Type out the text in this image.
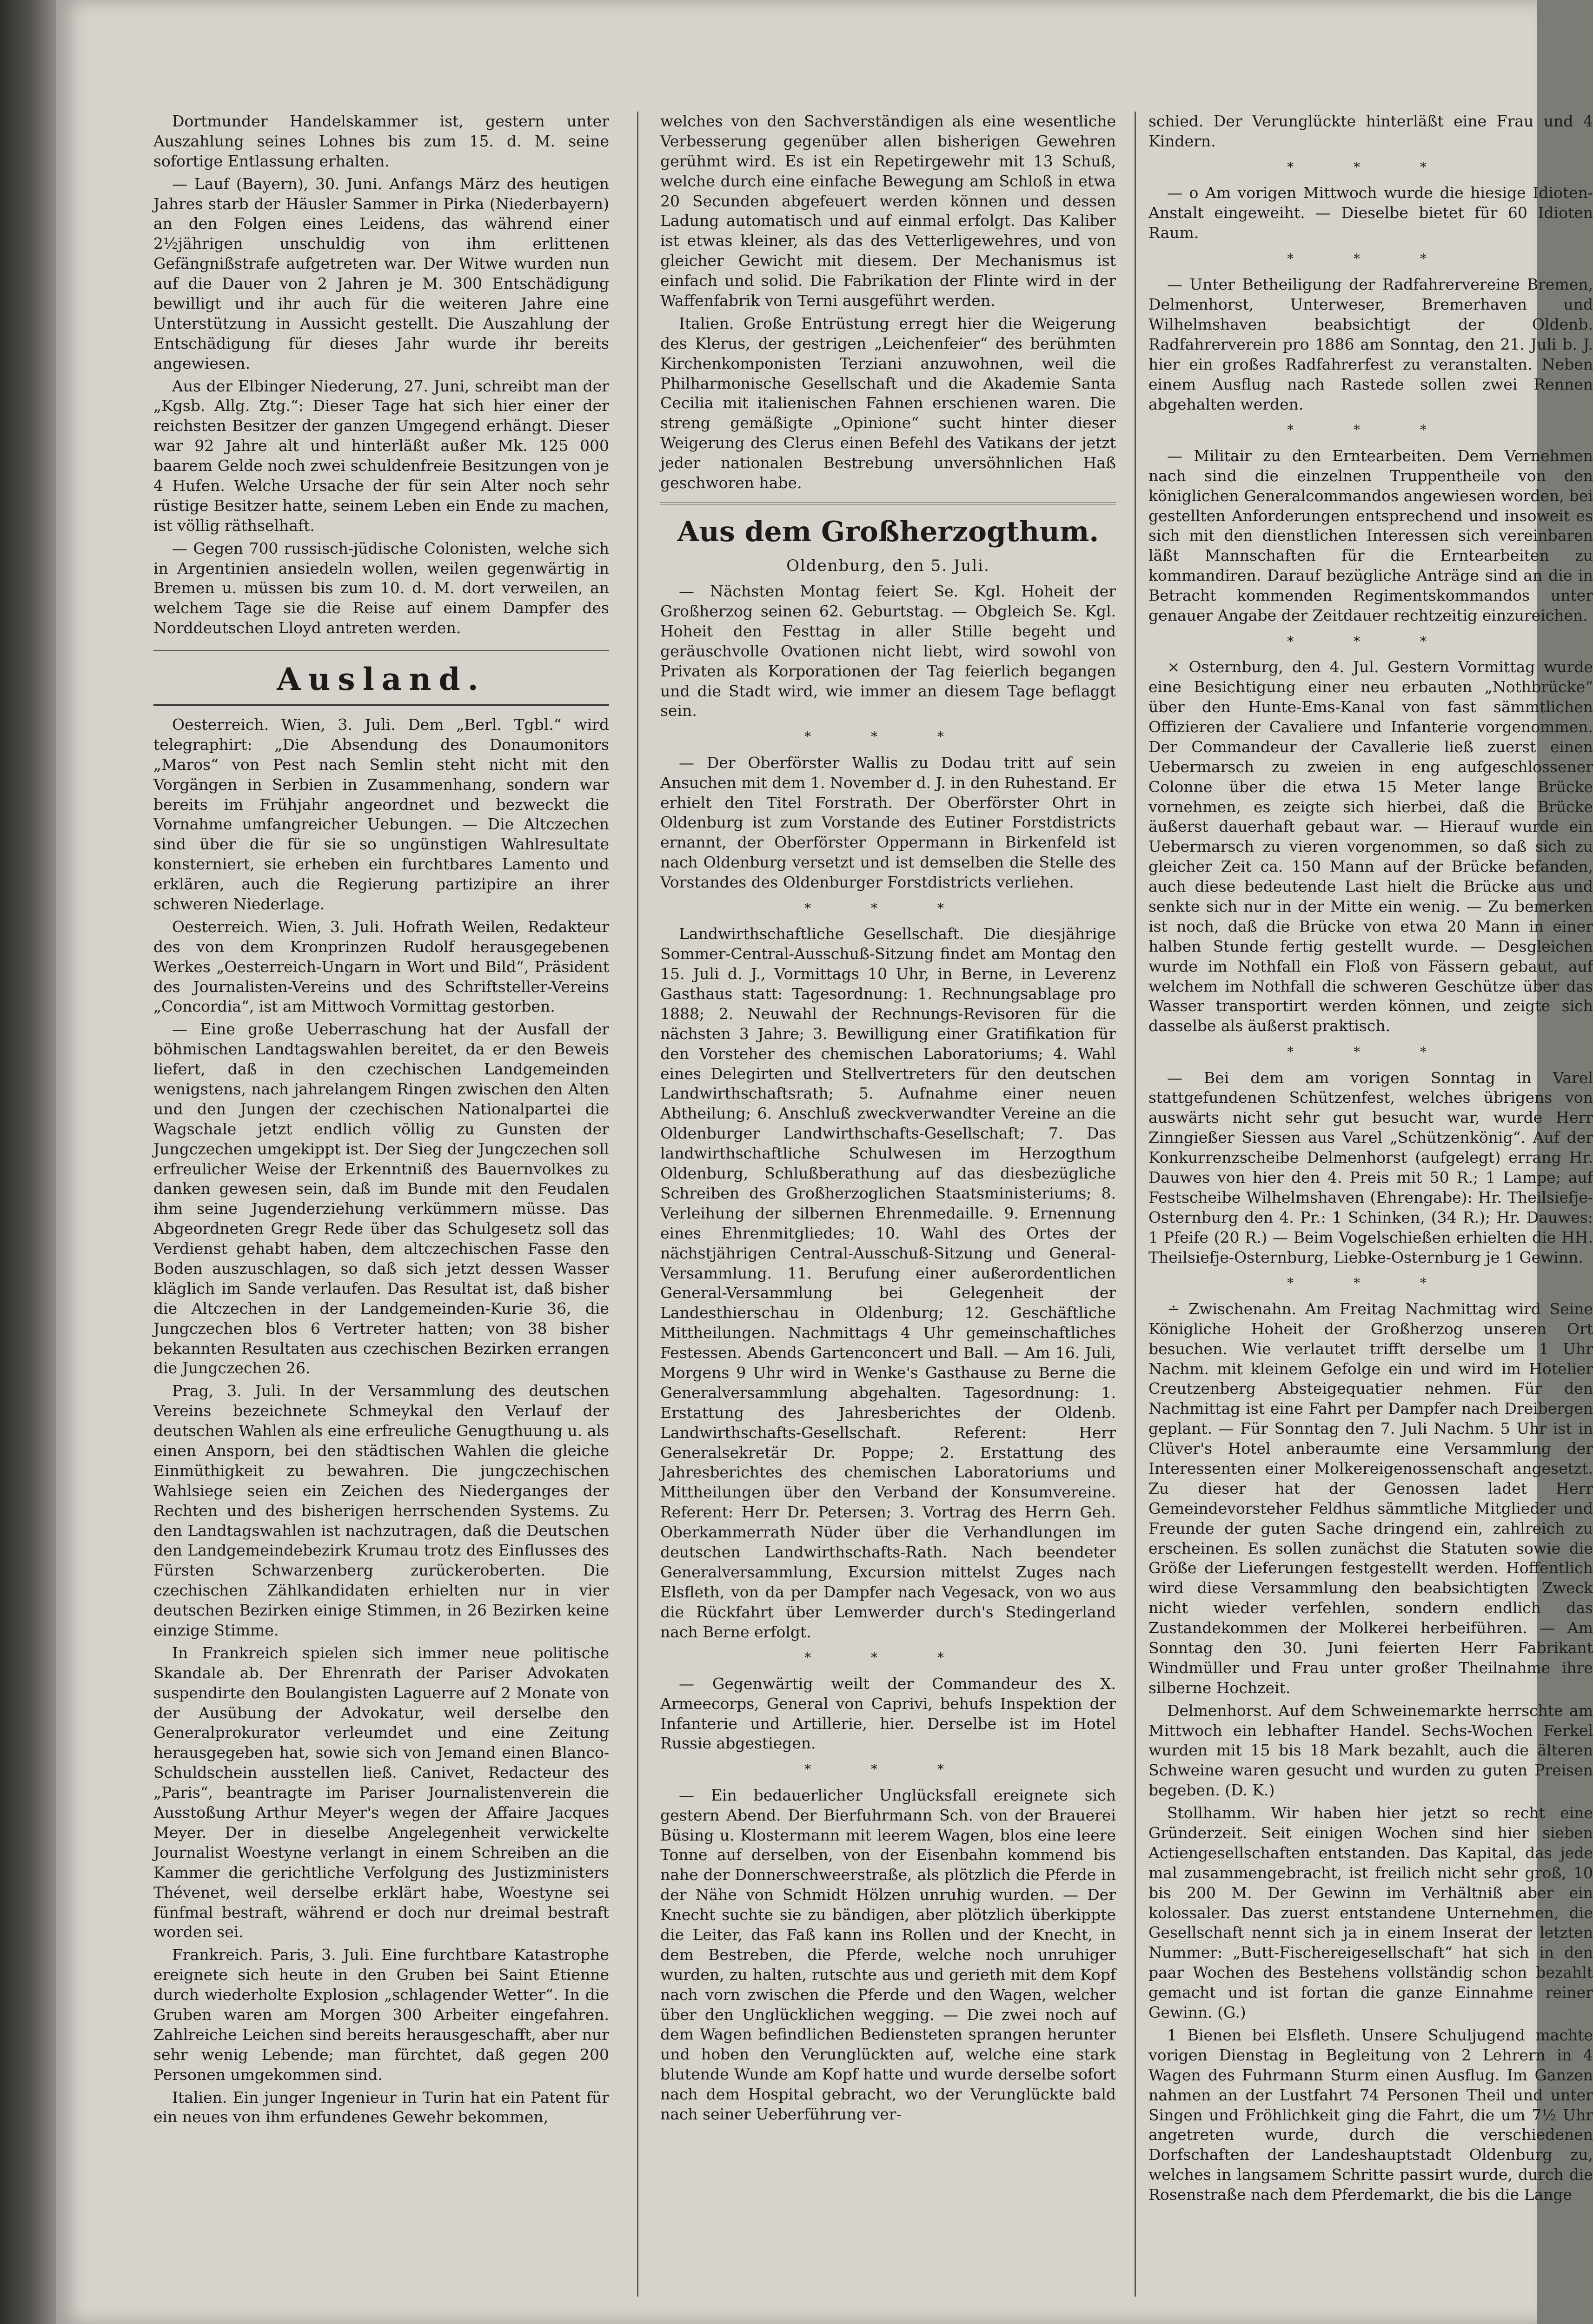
Dortmunder Handelskammer ist, gestern unter Auszahlung seines Lohnes bis zum 15. d. M. seine sofortige Entlassung erhalten.

— Lauf (Bayern), 30. Juni. Anfangs März des heutigen Jahres starb der Häusler Sammer in Pirka (Niederbayern) an den Folgen eines Leidens, das während einer 2½jährigen unschuldig von ihm erlittenen Gefängnißstrafe aufgetreten war. Der Witwe wurden nun auf die Dauer von 2 Jahren je M. 300 Entschädigung bewilligt und ihr auch für die weiteren Jahre eine Unterstützung in Aussicht gestellt. Die Auszahlung der Entschädigung für dieses Jahr wurde ihr bereits angewiesen.

Aus der Elbinger Niederung, 27. Juni, schreibt man der „Kgsb. Allg. Ztg.“: Dieser Tage hat sich hier einer der reichsten Besitzer der ganzen Umgegend erhängt. Dieser war 92 Jahre alt und hinterläßt außer Mk. 125 000 baarem Gelde noch zwei schuldenfreie Besitzungen von je 4 Hufen. Welche Ursache der für sein Alter noch sehr rüstige Besitzer hatte, seinem Leben ein Ende zu machen, ist völlig räthselhaft.

— Gegen 700 russisch-jüdische Colonisten, welche sich in Argentinien ansiedeln wollen, weilen gegenwärtig in Bremen u. müssen bis zum 10. d. M. dort verweilen, an welchem Tage sie die Reise auf einem Dampfer des Norddeutschen Lloyd antreten werden.

Ausland.

Oesterreich. Wien, 3. Juli. Dem „Berl. Tgbl.“ wird telegraphirt: „Die Absendung des Donaumonitors „Maros“ von Pest nach Semlin steht nicht mit den Vorgängen in Serbien in Zusammenhang, sondern war bereits im Frühjahr angeordnet und bezweckt die Vornahme umfangreicher Uebungen. — Die Altczechen sind über die für sie so ungünstigen Wahlresultate konsterniert, sie erheben ein furchtbares Lamento und erklären, auch die Regierung partizipire an ihrer schweren Niederlage.

Oesterreich. Wien, 3. Juli. Hofrath Weilen, Redakteur des von dem Kronprinzen Rudolf herausgegebenen Werkes „Oesterreich-Ungarn in Wort und Bild“, Präsident des Journalisten-Vereins und des Schriftsteller-Vereins „Concordia“, ist am Mittwoch Vormittag gestorben.

— Eine große Ueberraschung hat der Ausfall der böhmischen Landtagswahlen bereitet, da er den Beweis liefert, daß in den czechischen Landgemeinden wenigstens, nach jahrelangem Ringen zwischen den Alten und den Jungen der czechischen Nationalpartei die Wagschale jetzt endlich völlig zu Gunsten der Jungczechen umgekippt ist. Der Sieg der Jungczechen soll erfreulicher Weise der Erkenntniß des Bauernvolkes zu danken gewesen sein, daß im Bunde mit den Feudalen ihm seine Jugenderziehung verkümmern müsse. Das Abgeordneten Gregr Rede über das Schulgesetz soll das Verdienst gehabt haben, dem altczechischen Fasse den Boden auszuschlagen, so daß sich jetzt dessen Wasser kläglich im Sande verlaufen. Das Resultat ist, daß bisher die Altczechen in der Landgemeinden-Kurie 36, die Jungczechen blos 6 Vertreter hatten; von 38 bisher bekannten Resultaten aus czechischen Bezirken errangen die Jungczechen 26.

Prag, 3. Juli. In der Versammlung des deutschen Vereins bezeichnete Schmeykal den Verlauf der deutschen Wahlen als eine erfreuliche Genugthuung u. als einen Ansporn, bei den städtischen Wahlen die gleiche Einmüthigkeit zu bewahren. Die jungczechischen Wahlsiege seien ein Zeichen des Niederganges der Rechten und des bisherigen herrschenden Systems. Zu den Landtagswahlen ist nachzutragen, daß die Deutschen den Landgemeindebezirk Krumau trotz des Einflusses des Fürsten Schwarzenberg zurückeroberten. Die czechischen Zählkandidaten erhielten nur in vier deutschen Bezirken einige Stimmen, in 26 Bezirken keine einzige Stimme.

In Frankreich spielen sich immer neue politische Skandale ab. Der Ehrenrath der Pariser Advokaten suspendirte den Boulangisten Laguerre auf 2 Monate von der Ausübung der Advokatur, weil derselbe den Generalprokurator verleumdet und eine Zeitung herausgegeben hat, sowie sich von Jemand einen Blanco-Schuldschein ausstellen ließ. Canivet, Redacteur des „Paris“, beantragte im Pariser Journalistenverein die Ausstoßung Arthur Meyer's wegen der Affaire Jacques Meyer. Der in dieselbe Angelegenheit verwickelte Journalist Woestyne verlangt in einem Schreiben an die Kammer die gerichtliche Verfolgung des Justizministers Thévenet, weil derselbe erklärt habe, Woestyne sei fünfmal bestraft, während er doch nur dreimal bestraft worden sei.

Frankreich. Paris, 3. Juli. Eine furchtbare Katastrophe ereignete sich heute in den Gruben bei Saint Etienne durch wiederholte Explosion „schlagender Wetter“. In die Gruben waren am Morgen 300 Arbeiter eingefahren. Zahlreiche Leichen sind bereits herausgeschafft, aber nur sehr wenig Lebende; man fürchtet, daß gegen 200 Personen umgekommen sind.

Italien. Ein junger Ingenieur in Turin hat ein Patent für ein neues von ihm erfundenes Gewehr bekommen,

welches von den Sachverständigen als eine wesentliche Verbesserung gegenüber allen bisherigen Gewehren gerühmt wird. Es ist ein Repetirgewehr mit 13 Schuß, welche durch eine einfache Bewegung am Schloß in etwa 20 Secunden abgefeuert werden können und dessen Ladung automatisch und auf einmal erfolgt. Das Kaliber ist etwas kleiner, als das des Vetterligewehres, und von gleicher Gewicht mit diesem. Der Mechanismus ist einfach und solid. Die Fabrikation der Flinte wird in der Waffenfabrik von Terni ausgeführt werden.

Italien. Große Entrüstung erregt hier die Weigerung des Klerus, der gestrigen „Leichenfeier“ des berühmten Kirchenkomponisten Terziani anzuwohnen, weil die Philharmonische Gesellschaft und die Akademie Santa Cecilia mit italienischen Fahnen erschienen waren. Die streng gemäßigte „Opinione“ sucht hinter dieser Weigerung des Clerus einen Befehl des Vatikans der jetzt jeder nationalen Bestrebung unversöhnlichen Haß geschworen habe.

Aus dem Großherzogthum.
Oldenburg, den 5. Juli.

— Nächsten Montag feiert Se. Kgl. Hoheit der Großherzog seinen 62. Geburtstag. — Obgleich Se. Kgl. Hoheit den Festtag in aller Stille begeht und geräuschvolle Ovationen nicht liebt, wird sowohl von Privaten als Korporationen der Tag feierlich begangen und die Stadt wird, wie immer an diesem Tage beflaggt sein.

* * *

— Der Oberförster Wallis zu Dodau tritt auf sein Ansuchen mit dem 1. November d. J. in den Ruhestand. Er erhielt den Titel Forstrath. Der Oberförster Ohrt in Oldenburg ist zum Vorstande des Eutiner Forstdistricts ernannt, der Oberförster Oppermann in Birkenfeld ist nach Oldenburg versetzt und ist demselben die Stelle des Vorstandes des Oldenburger Forstdistricts verliehen.

* * *

Landwirthschaftliche Gesellschaft. Die diesjährige Sommer-Central-Ausschuß-Sitzung findet am Montag den 15. Juli d. J., Vormittags 10 Uhr, in Berne, in Leverenz Gasthaus statt: Tagesordnung: 1. Rechnungsablage pro 1888; 2. Neuwahl der Rechnungs-Revisoren für die nächsten 3 Jahre; 3. Bewilligung einer Gratifikation für den Vorsteher des chemischen Laboratoriums; 4. Wahl eines Delegirten und Stellvertreters für den deutschen Landwirthschaftsrath; 5. Aufnahme einer neuen Abtheilung; 6. Anschluß zweckverwandter Vereine an die Oldenburger Landwirthschafts-Gesellschaft; 7. Das landwirthschaftliche Schulwesen im Herzogthum Oldenburg, Schlußberathung auf das diesbezügliche Schreiben des Großherzoglichen Staatsministeriums; 8. Verleihung der silbernen Ehrenmedaille. 9. Ernennung eines Ehrenmitgliedes; 10. Wahl des Ortes der nächstjährigen Central-Ausschuß-Sitzung und General-Versammlung. 11. Berufung einer außerordentlichen General-Versammlung bei Gelegenheit der Landesthierschau in Oldenburg; 12. Geschäftliche Mittheilungen. Nachmittags 4 Uhr gemeinschaftliches Festessen. Abends Gartenconcert und Ball. — Am 16. Juli, Morgens 9 Uhr wird in Wenke's Gasthause zu Berne die Generalversammlung abgehalten. Tagesordnung: 1. Erstattung des Jahresberichtes der Oldenb. Landwirthschafts-Gesellschaft. Referent: Herr Generalsekretär Dr. Poppe; 2. Erstattung des Jahresberichtes des chemischen Laboratoriums und Mittheilungen über den Verband der Konsumvereine. Referent: Herr Dr. Petersen; 3. Vortrag des Herrn Geh. Oberkammerrath Nüder über die Verhandlungen im deutschen Landwirthschafts-Rath. Nach beendeter Generalversammlung, Excursion mittelst Zuges nach Elsfleth, von da per Dampfer nach Vegesack, von wo aus die Rückfahrt über Lemwerder durch's Stedingerland nach Berne erfolgt.

* * *

— Gegenwärtig weilt der Commandeur des X. Armeecorps, General von Caprivi, behufs Inspektion der Infanterie und Artillerie, hier. Derselbe ist im Hotel Russie abgestiegen.

* * *

— Ein bedauerlicher Unglücksfall ereignete sich gestern Abend. Der Bierfuhrmann Sch. von der Brauerei Büsing u. Klostermann mit leerem Wagen, blos eine leere Tonne auf derselben, von der Eisenbahn kommend bis nahe der Donnerschweerstraße, als plötzlich die Pferde in der Nähe von Schmidt Hölzen unruhig wurden. — Der Knecht suchte sie zu bändigen, aber plötzlich überkippte die Leiter, das Faß kann ins Rollen und der Knecht, in dem Bestreben, die Pferde, welche noch unruhiger wurden, zu halten, rutschte aus und gerieth mit dem Kopf nach vorn zwischen die Pferde und den Wagen, welcher über den Unglücklichen wegging. — Die zwei noch auf dem Wagen befindlichen Bediensteten sprangen herunter und hoben den Verunglückten auf, welche eine stark blutende Wunde am Kopf hatte und wurde derselbe sofort nach dem Hospital gebracht, wo der Verunglückte bald nach seiner Ueberführung ver-

schied. Der Verunglückte hinterläßt eine Frau und 4 Kindern.

* * *

— o Am vorigen Mittwoch wurde die hiesige Idioten-Anstalt eingeweiht. — Dieselbe bietet für 60 Idioten Raum.

* * *

— Unter Betheiligung der Radfahrervereine Bremen, Delmenhorst, Unterweser, Bremerhaven und Wilhelmshaven beabsichtigt der Oldenb. Radfahrerverein pro 1886 am Sonntag, den 21. Juli b. J. hier ein großes Radfahrerfest zu veranstalten. Neben einem Ausflug nach Rastede sollen zwei Rennen abgehalten werden.

* * *

— Militair zu den Erntearbeiten. Dem Vernehmen nach sind die einzelnen Truppentheile von den königlichen Generalcommandos angewiesen worden, bei gestellten Anforderungen entsprechend und insoweit es sich mit den dienstlichen Interessen sich vereinbaren läßt Mannschaften für die Erntearbeiten zu kommandiren. Darauf bezügliche Anträge sind an die in Betracht kommenden Regimentskommandos unter genauer Angabe der Zeitdauer rechtzeitig einzureichen.

* * *

× Osternburg, den 4. Jul. Gestern Vormittag wurde eine Besichtigung einer neu erbauten „Nothbrücke“ über den Hunte-Ems-Kanal von fast sämmtlichen Offizieren der Cavaliere und Infanterie vorgenommen. Der Commandeur der Cavallerie ließ zuerst einen Uebermarsch zu zweien in eng aufgeschlossener Colonne über die etwa 15 Meter lange Brücke vornehmen, es zeigte sich hierbei, daß die Brücke äußerst dauerhaft gebaut war. — Hierauf wurde ein Uebermarsch zu vieren vorgenommen, so daß sich zu gleicher Zeit ca. 150 Mann auf der Brücke befanden, auch diese bedeutende Last hielt die Brücke aus und senkte sich nur in der Mitte ein wenig. — Zu bemerken ist noch, daß die Brücke von etwa 20 Mann in einer halben Stunde fertig gestellt wurde. — Desgleichen wurde im Nothfall ein Floß von Fässern gebaut, auf welchem im Nothfall die schweren Geschütze über das Wasser transportirt werden können, und zeigte sich dasselbe als äußerst praktisch.

* * *

— Bei dem am vorigen Sonntag in Varel stattgefundenen Schützenfest, welches übrigens von auswärts nicht sehr gut besucht war, wurde Herr Zinngießer Siessen aus Varel „Schützenkönig“. Auf der Konkurrenzscheibe Delmenhorst (aufgelegt) errang Hr. Dauwes von hier den 4. Preis mit 50 R.; 1 Lampe; auf Festscheibe Wilhelmshaven (Ehrengabe): Hr. Theilsiefje-Osternburg den 4. Pr.: 1 Schinken, (34 R.); Hr. Dauwes: 1 Pfeife (20 R.) — Beim Vogelschießen erhielten die HH. Theilsiefje-Osternburg, Liebke-Osternburg je 1 Gewinn.

* * *

∸ Zwischenahn. Am Freitag Nachmittag wird Seine Königliche Hoheit der Großherzog unseren Ort besuchen. Wie verlautet trifft derselbe um 1 Uhr Nachm. mit kleinem Gefolge ein und wird im Hotelier Creutzenberg Absteigequatier nehmen. Für den Nachmittag ist eine Fahrt per Dampfer nach Dreibergen geplant. — Für Sonntag den 7. Juli Nachm. 5 Uhr ist in Clüver's Hotel anberaumte eine Versammlung der Interessenten einer Molkereigenossenschaft angesetzt. Zu dieser hat der Genossen ladet Herr Gemeindevorsteher Feldhus sämmtliche Mitglieder und Freunde der guten Sache dringend ein, zahlreich zu erscheinen. Es sollen zunächst die Statuten sowie die Größe der Lieferungen festgestellt werden. Hoffentlich wird diese Versammlung den beabsichtigten Zweck nicht wieder verfehlen, sondern endlich das Zustandekommen der Molkerei herbeiführen. — Am Sonntag den 30. Juni feierten Herr Fabrikant Windmüller und Frau unter großer Theilnahme ihre silberne Hochzeit.

Delmenhorst. Auf dem Schweinemarkte herrschte am Mittwoch ein lebhafter Handel. Sechs-Wochen Ferkel wurden mit 15 bis 18 Mark bezahlt, auch die älteren Schweine waren gesucht und wurden zu guten Preisen begeben. (D. K.)

Stollhamm. Wir haben hier jetzt so recht eine Gründerzeit. Seit einigen Wochen sind hier sieben Actiengesellschaften entstanden. Das Kapital, das jede mal zusammengebracht, ist freilich nicht sehr groß, 10 bis 200 M. Der Gewinn im Verhältniß aber ein kolossaler. Das zuerst entstandene Unternehmen, die Gesellschaft nennt sich ja in einem Inserat der letzten Nummer: „Butt-Fischereigesellschaft“ hat sich in den paar Wochen des Bestehens vollständig schon bezahlt gemacht und ist fortan die ganze Einnahme reiner Gewinn. (G.)

1 Bienen bei Elsfleth. Unsere Schuljugend machte vorigen Dienstag in Begleitung von 2 Lehrern in 4 Wagen des Fuhrmann Sturm einen Ausflug. Im Ganzen nahmen an der Lustfahrt 74 Personen Theil und unter Singen und Fröhlichkeit ging die Fahrt, die um 7½ Uhr angetreten wurde, durch die verschiedenen Dorfschaften der Landeshauptstadt Oldenburg zu, welches in langsamem Schritte passirt wurde, durch die Rosenstraße nach dem Pferdemarkt, die bis die Lange
